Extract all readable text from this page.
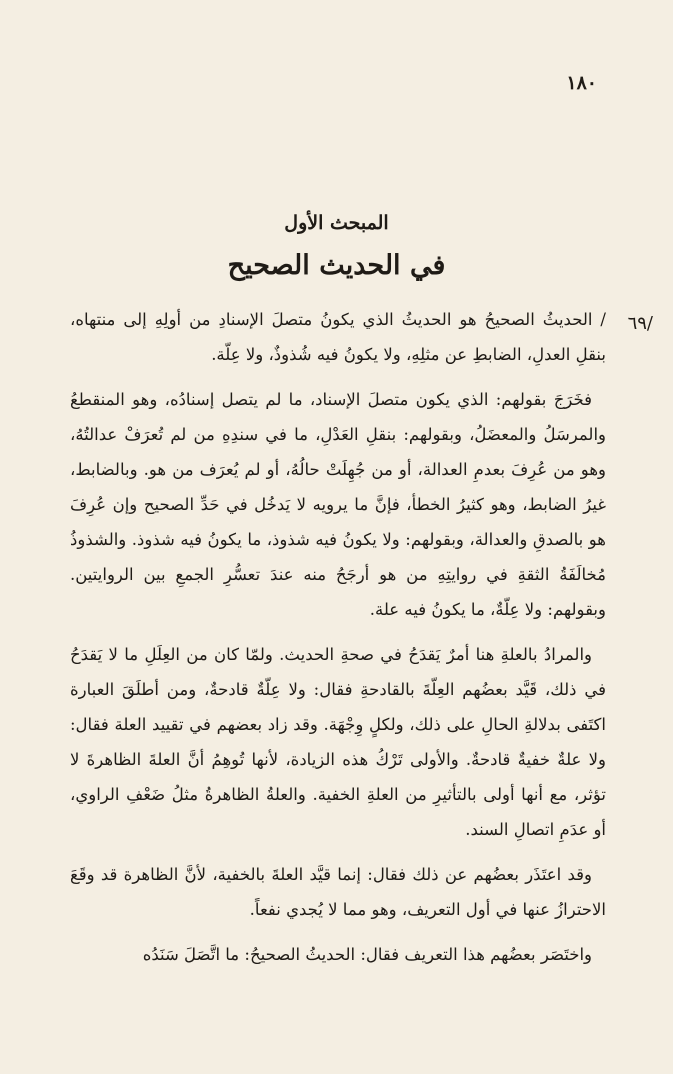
١٨٠
المبحث الأول
في الحديث الصحيح
/٦٩

/ الحديثُ الصحيحُ هو الحديثُ الذي يكونُ متصلَ الإسنادِ من أولِهِ إلى منتهاه، بنقلِ العدلِ، الضابطِ عن مثلِهِ، ولا يكونُ فيه شُذوذٌ، ولا عِلّة.

فخَرَجَ بقولهم: الذي يكون متصلَ الإسناد، ما لم يتصل إسنادُه، وهو المنقطعُ والمرسَلُ والمعضَلُ، وبقولهم: بنقلِ العَدْلِ، ما في سندِهِ من لم تُعرَفْ عدالتُهُ، وهو من عُرِفَ بعدمِ العدالة، أو من جُهِلَتْ حالُهُ، أو لم يُعرَف من هو. وبالضابط، غيرُ الضابط، وهو كثيرُ الخطأ، فإنَّ ما يرويه لا يَدخُل في حَدِّ الصحيح وإن عُرِفَ هو بالصدقِ والعدالة، وبقولهم: ولا يكونُ فيه شذوذ، ما يكونُ فيه شذوذ. والشذوذُ مُخالَفَةُ الثقةِ في روايتِهِ من هو أرجَحُ منه عندَ تعسُّرِ الجمعِ بين الروايتين. وبقولهم: ولا عِلّةٌ، ما يكونُ فيه علة.

والمرادُ بالعلةِ هنا أمرٌ يَقدَحُ في صحةِ الحديث. ولمّا كان من العِلَلِ ما لا يَقدَحُ في ذلك، قَيَّد بعضُهم العِلّةَ بالقادحةِ فقال: ولا عِلّةٌ قادحةٌ، ومن أطلَقَ العبارة اكتَفى بدلالةِ الحالِ على ذلك، ولكلٍ وِجْهَة. وقد زاد بعضهم في تقييد العلة فقال: ولا علةٌ خفيةٌ قادحةٌ. والأولى تَرْكُ هذه الزيادة، لأنها تُوهِمُ أنَّ العلةَ الظاهرةَ لا تؤثر، مع أنها أولى بالتأثيرِ من العلةِ الخفية. والعلةُ الظاهرةُ مثلُ ضَعْفِ الراوي، أو عدَمِ اتصالِ السند.

وقد اعتَذَر بعضُهم عن ذلك فقال: إنما قيَّد العلةَ بالخفية، لأنَّ الظاهرة قد وقَعَ الاحترازُ عنها في أول التعريف، وهو مما لا يُجدي نفعاً.

واختَصَر بعضُهم هذا التعريف فقال: الحديثُ الصحيحُ: ما اتَّصَلَ سَنَدُه
